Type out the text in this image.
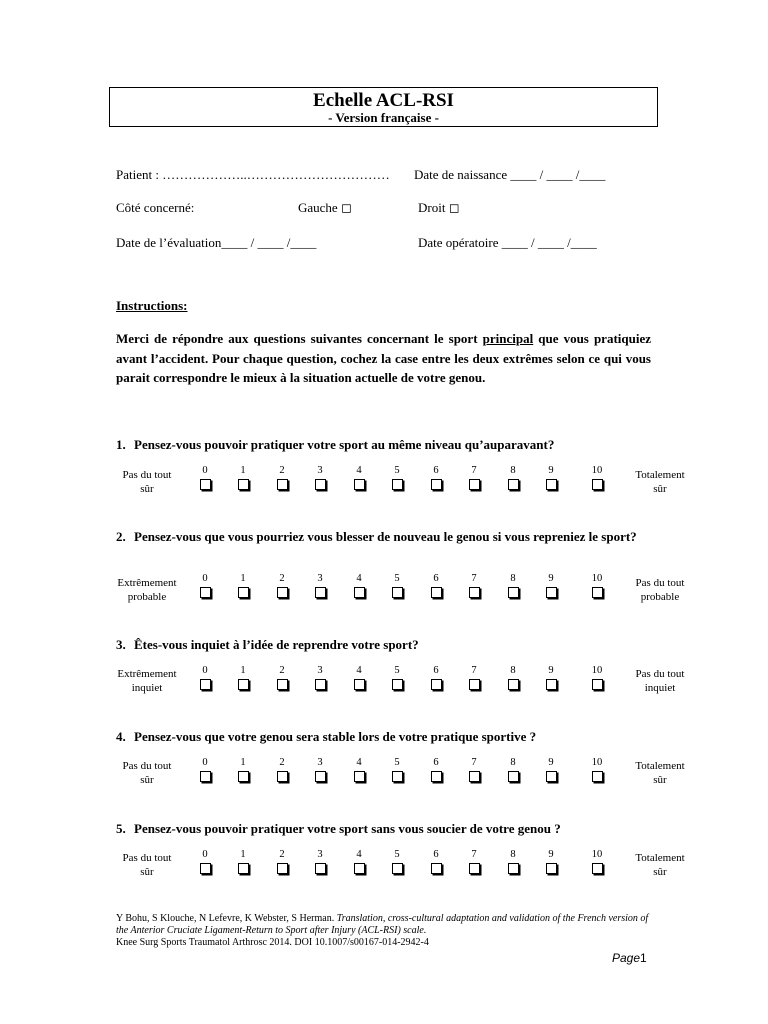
Echelle ACL-RSI
- Version française -
Patient : ………………..…………………………… Date de naissance ____ / ____ /____
Côté concerné:	Gauche ◻	Droit ◻
Date de l’évaluation____ / ____ /____	Date opératoire ____ / ____ /____
Instructions:
Merci de répondre aux questions suivantes concernant le sport principal que vous pratiquiez avant l’accident. Pour chaque question, cochez la case entre les deux extrêmes selon ce qui vous parait correspondre le mieux à la situation actuelle de votre genou.
1. Pensez-vous pouvoir pratiquer votre sport au même niveau qu’auparavant?
Pas du tout
sûr
Totalement
sûr
0	1	2	3	4	5	6	7	8	9	10
2. Pensez-vous que vous pourriez vous blesser de nouveau le genou si vous repreniez le sport?
Extrêmement
probable
Pas du tout
probable
0	1	2	3	4	5	6	7	8	9	10
3. Êtes-vous inquiet à l’idée de reprendre votre sport?
Extrêmement
inquiet
Pas du tout
inquiet
0	1	2	3	4	5	6	7	8	9	10
4. Pensez-vous que votre genou sera stable lors de votre pratique sportive ?
Pas du tout
sûr
Totalement
sûr
0	1	2	3	4	5	6	7	8	9	10
5. Pensez-vous pouvoir pratiquer votre sport sans vous soucier de votre genou ?
Pas du tout
sûr
Totalement
sûr
0	1	2	3	4	5	6	7	8	9	10
Y Bohu, S Klouche, N Lefevre, K Webster, S Herman. Translation, cross-cultural adaptation and validation of the French version of the Anterior Cruciate Ligament-Return to Sport after Injury (ACL-RSI) scale.
Knee Surg Sports Traumatol Arthrosc 2014. DOI 10.1007/s00167-014-2942-4
Page1
